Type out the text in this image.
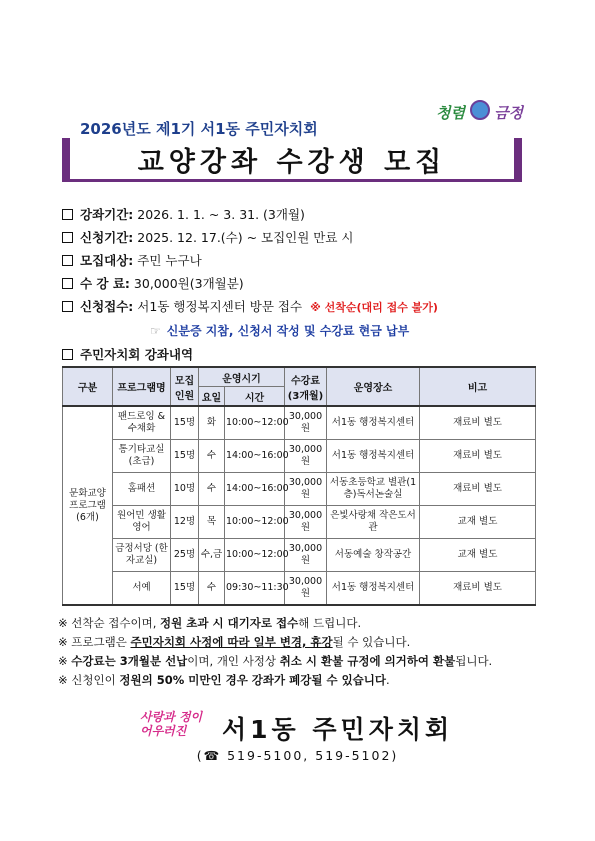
2026년도 제1기 서1동 주민자치회
청렴 금정
교양강좌 수강생 모집
강좌기간: 2026. 1. 1. ~ 3. 31. (3개월)
신청기간: 2025. 12. 17.(수) ~ 모집인원 만료 시
모집대상: 주민 누구나
수 강 료: 30,000원(3개월분)
신청접수: 서1동 행정복지센터 방문 접수 ※ 선착순(대리 접수 불가)
☞ 신분증 지참, 신청서 작성 및 수강료 현금 납부
주민자치회 강좌내역
구분	프로그램명	모집 인원	운영시기		수강료 (3개월)	운영장소	비고
			요일	시간			
문화교양 프로그램 (6개)	팬드로잉 &수채화	15명	화	10:00~12:00	30,000원	서1동 행정복지센터	재료비 별도
	통기타교실 (초급)	15명	수	14:00~16:00	30,000원	서1동 행정복지센터	재료비 별도
	홈패션	10명	수	14:00~16:00	30,000원	서동초등학교 별관(1층)독서논술실	재료비 별도
	원어민 생활영어	12명	목	10:00~12:00	30,000원	은빛사랑채 작은도서관	교재 별도
	금정서당 (한자교실)	25명	수,금	10:00~12:00	30,000원	서동예술 창작공간	교재 별도
	서예	15명	수	09:30~11:30	30,000원	서1동 행정복지센터	재료비 별도
※ 선착순 접수이며, 정원 초과 시 대기자로 접수해 드립니다.
※ 프로그램은 주민자치회 사정에 따라 일부 변경, 휴강될 수 있습니다.
※ 수강료는 3개월분 선납이며, 개인 사정상 취소 시 환불 규정에 의거하여 환불됩니다.
※ 신청인이 정원의 50% 미만인 경우 강좌가 폐강될 수 있습니다.
사랑과 정이
어우러진	서1동 주민자치회
(☎ 519-5100, 519-5102)
